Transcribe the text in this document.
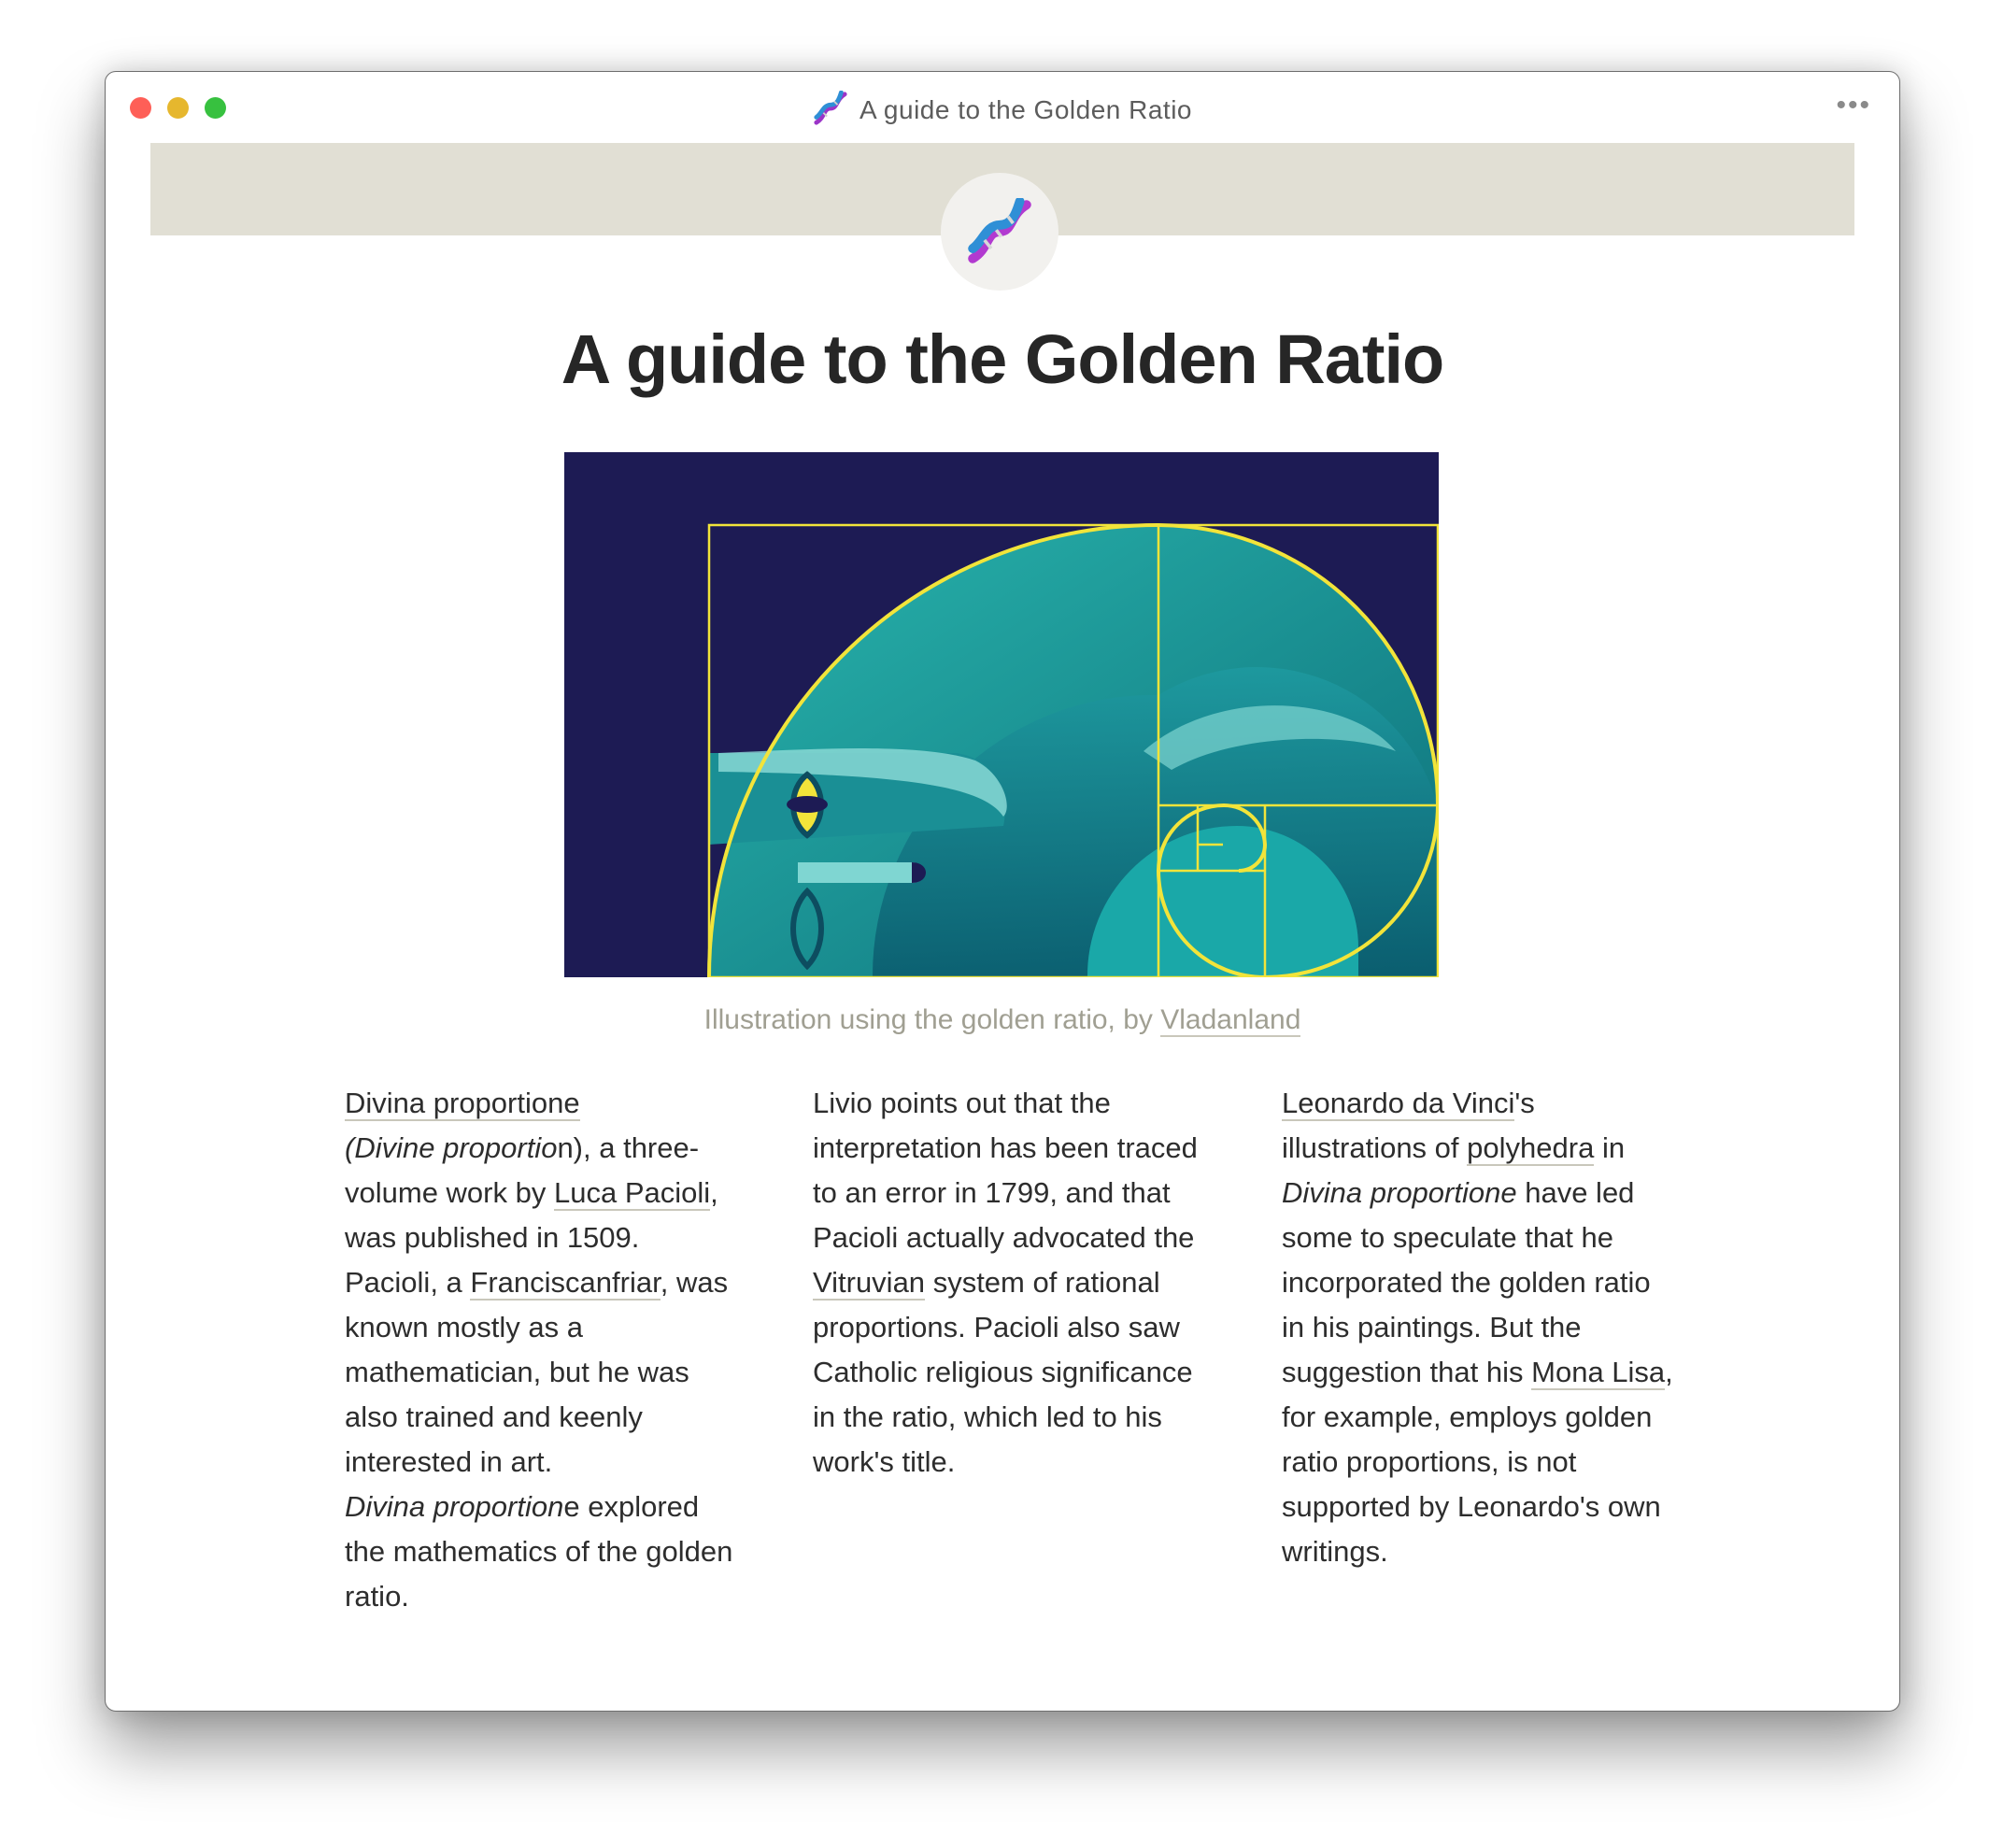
A guide to the Golden Ratio	•••
A guide to the Golden Ratio
Illustration using the golden ratio, by Vladanland
Divina proportione
(Divine proportion), a three-volume work by Luca Pacioli, was published in 1509. Pacioli, a Franciscanfriar, was known mostly as a mathematician, but he was also trained and keenly interested in art.
Divina proportione explored the mathematics of the golden ratio.
Livio points out that the interpretation has been traced to an error in 1799, and that Pacioli actually advocated the Vitruvian system of rational proportions. Pacioli also saw Catholic religious significance in the ratio, which led to his work's title.
Leonardo da Vinci's illustrations of polyhedra in Divina proportione have led some to speculate that he incorporated the golden ratio in his paintings. But the suggestion that his Mona Lisa, for example, employs golden ratio proportions, is not supported by Leonardo's own writings.
